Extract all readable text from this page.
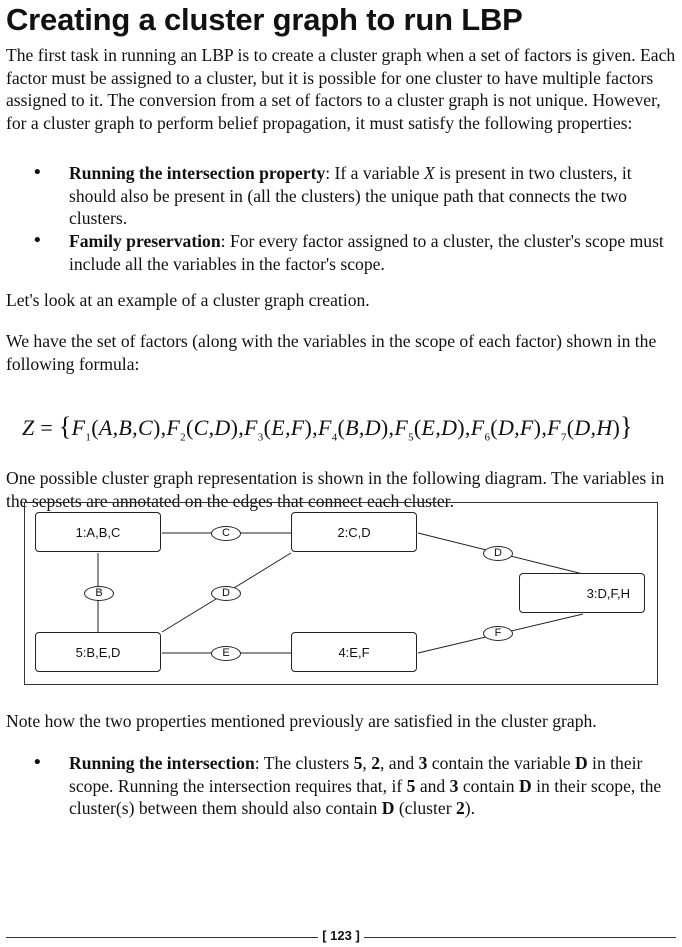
Creating a cluster graph to run LBP

The first task in running an LBP is to create a cluster graph when a set of factors is given. Each factor must be assigned to a cluster, but it is possible for one cluster to have multiple factors assigned to it. The conversion from a set of factors to a cluster graph is not unique. However, for a cluster graph to perform belief propagation, it must satisfy the following properties:

• Running the intersection property: If a variable X is present in two clusters, it should also be present in (all the clusters) the unique path that connects the two clusters.

• Family preservation: For every factor assigned to a cluster, the cluster's scope must include all the variables in the factor's scope.

Let's look at an example of a cluster graph creation.

We have the set of factors (along with the variables in the scope of each factor) shown in the following formula:

$Z = \{F_1(A,B,C),F_2(C,D),F_3(E,F),F_4(B,D),F_5(E,D),F_6(D,F),F_7(D,H)\}$

One possible cluster graph representation is shown in the following diagram. The variables in the sepsets are annotated on the edges that connect each cluster.

1:A,B,C	2:C,D
3:D,F,H
4:E,F
5:B,E,D
C
D
B	D
E
F

Note how the two properties mentioned previously are satisfied in the cluster graph.

• Running the intersection: The clusters 5, 2, and 3 contain the variable D in their scope. Running the intersection requires that, if 5 and 3 contain D in their scope, the cluster(s) between them should also contain D (cluster 2).

[ 123 ]
